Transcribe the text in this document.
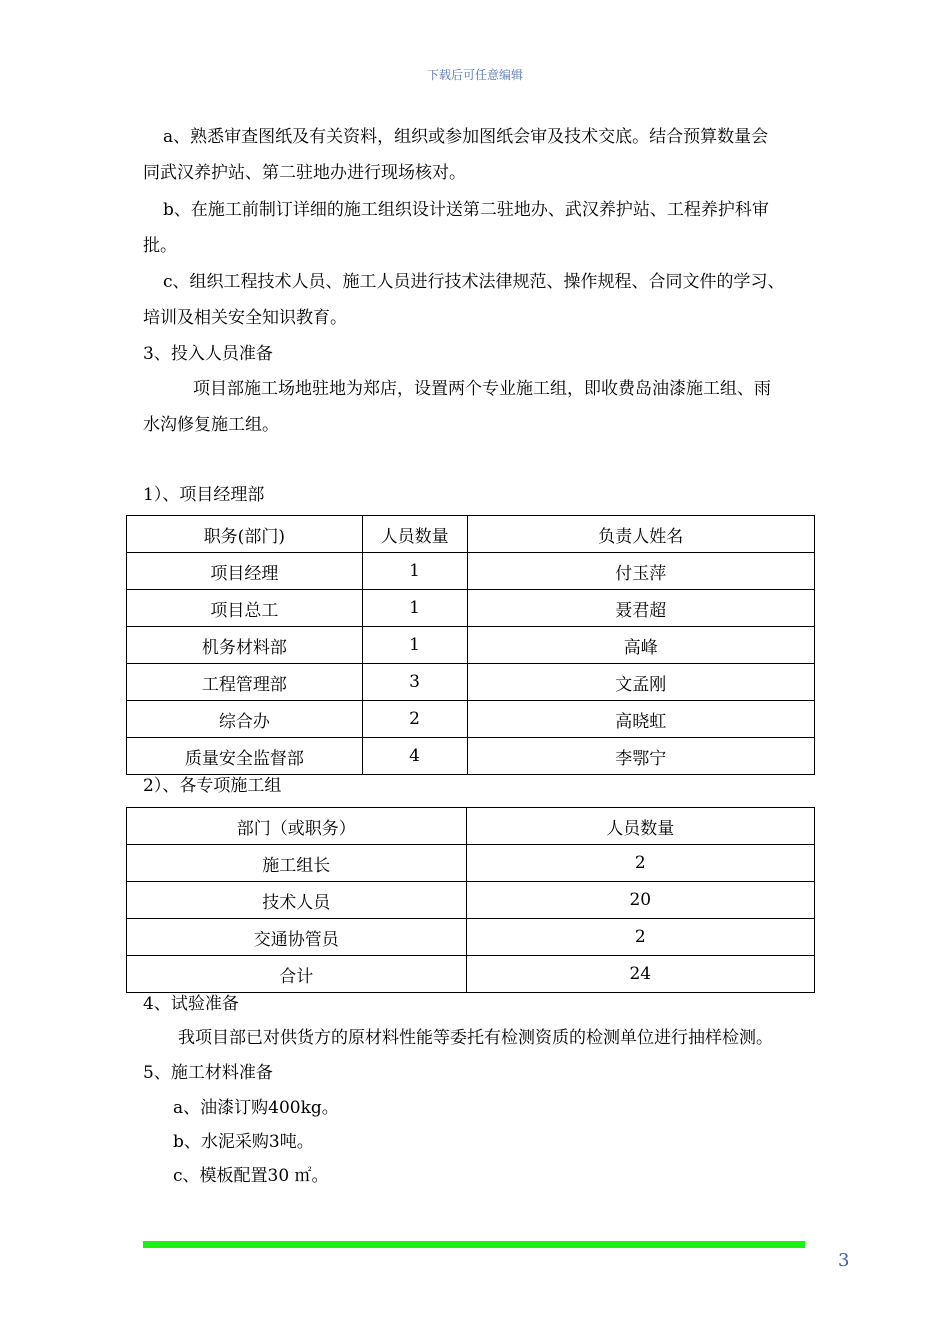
下载后可任意编辑
a、熟悉审查图纸及有关资料，组织或参加图纸会审及技术交底。结合预算数量会
同武汉养护站、第二驻地办进行现场核对。
b、在施工前制订详细的施工组织设计送第二驻地办、武汉养护站、工程养护科审
批。
c、组织工程技术人员、施工人员进行技术法律规范、操作规程、合同文件的学习、
培训及相关安全知识教育。
3、投入人员准备
项目部施工场地驻地为郑店，设置两个专业施工组，即收费岛油漆施工组、雨
水沟修复施工组。
1）、项目经理部
职务(部门)	人员数量	负责人姓名
项目经理	1	付玉萍
项目总工	1	聂君超
机务材料部	1	高峰
工程管理部	3	文孟刚
综合办	2	高晓虹
质量安全监督部	4	李鄂宁
2）、各专项施工组
部门（或职务）	人员数量
施工组长	2
技术人员	20
交通协管员	2
合计	24
4、试验准备
我项目部已对供货方的原材料性能等委托有检测资质的检测单位进行抽样检测。
5、施工材料准备
a、油漆订购400kg。
b、水泥采购3吨。
c、模板配置30 ㎡。
3
